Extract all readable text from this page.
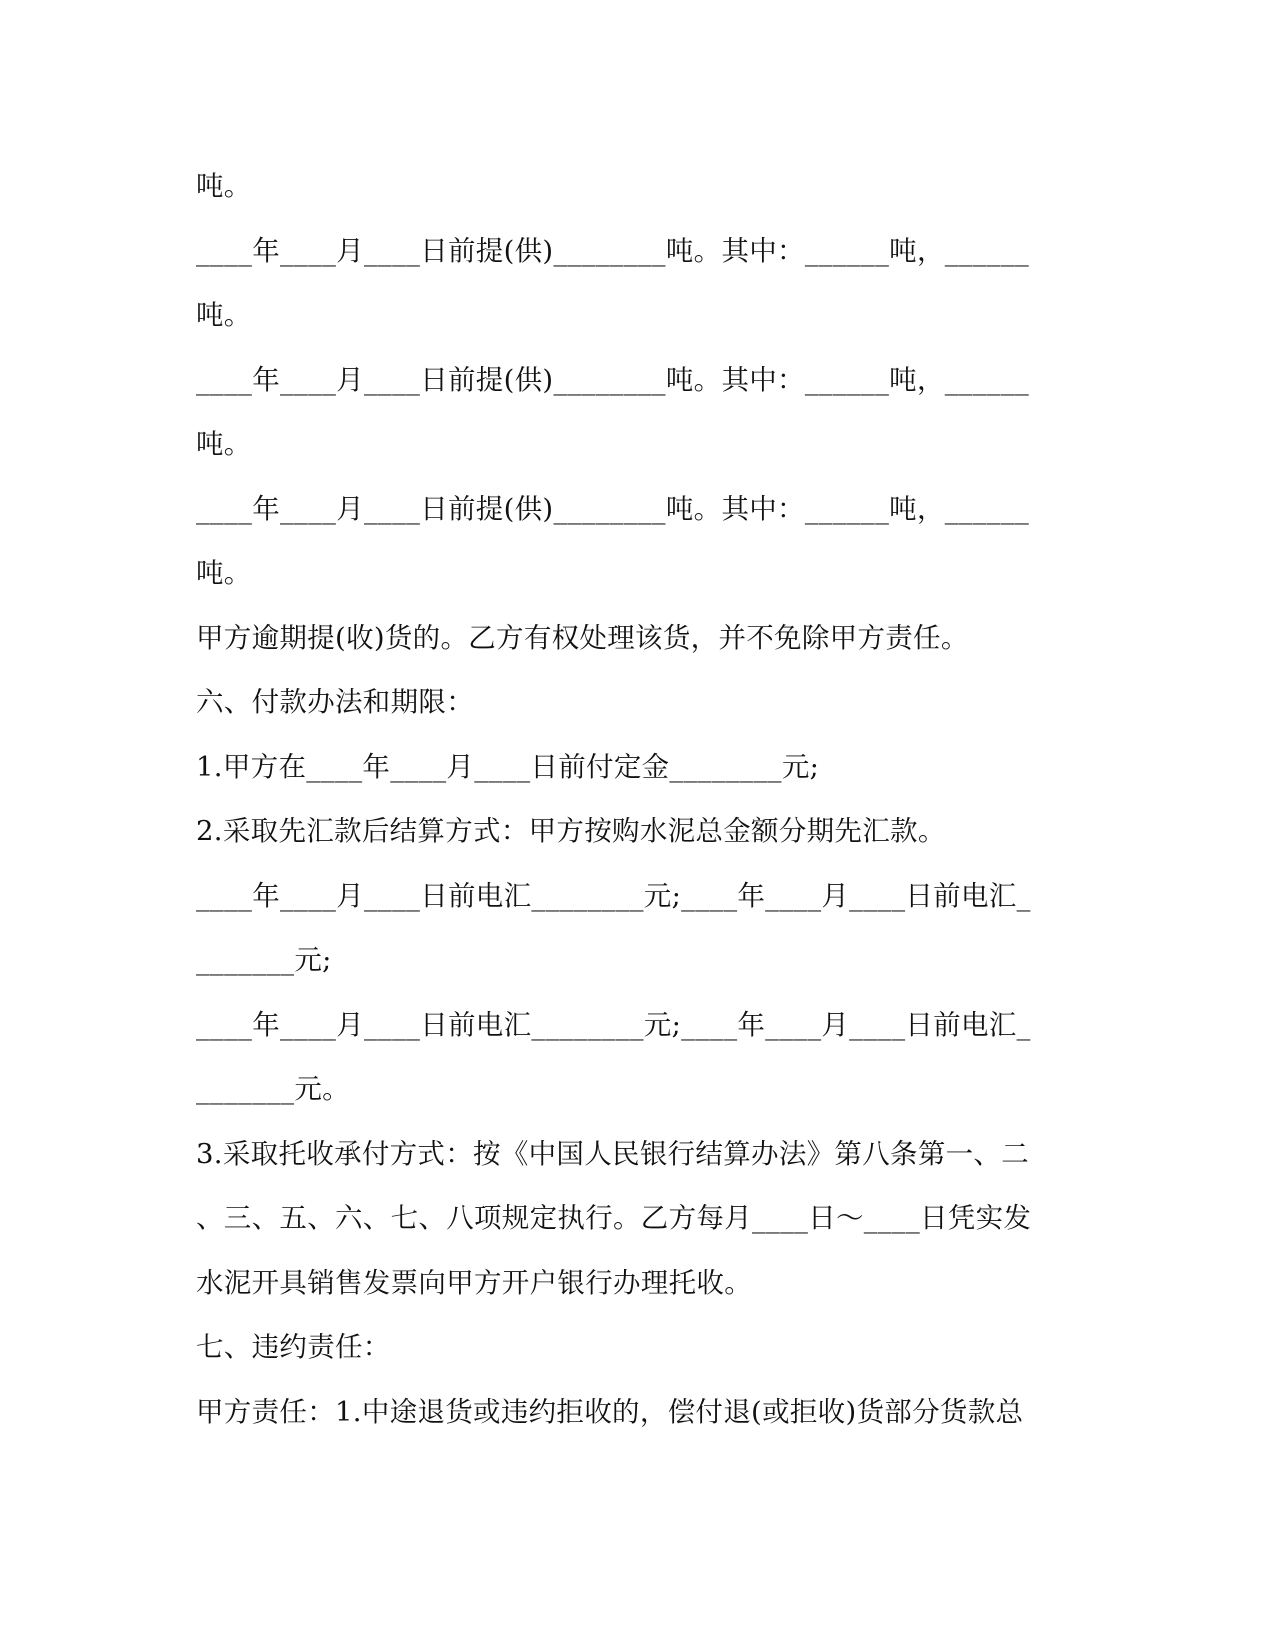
吨。
____年____月____日前提(供)________吨。其中：______吨，______
吨。
____年____月____日前提(供)________吨。其中：______吨，______
吨。
____年____月____日前提(供)________吨。其中：______吨，______
吨。
甲方逾期提(收)货的。乙方有权处理该货，并不免除甲方责任。
六、付款办法和期限：
1.甲方在____年____月____日前付定金________元;
2.采取先汇款后结算方式：甲方按购水泥总金额分期先汇款。
____年____月____日前电汇________元;____年____月____日前电汇_
_______元;
____年____月____日前电汇________元;____年____月____日前电汇_
_______元。
3.采取托收承付方式：按《中国人民银行结算办法》第八条第一、二
、三、五、六、七、八项规定执行。乙方每月____日～____日凭实发
水泥开具销售发票向甲方开户银行办理托收。
七、违约责任：
甲方责任：1.中途退货或违约拒收的，偿付退(或拒收)货部分货款总
